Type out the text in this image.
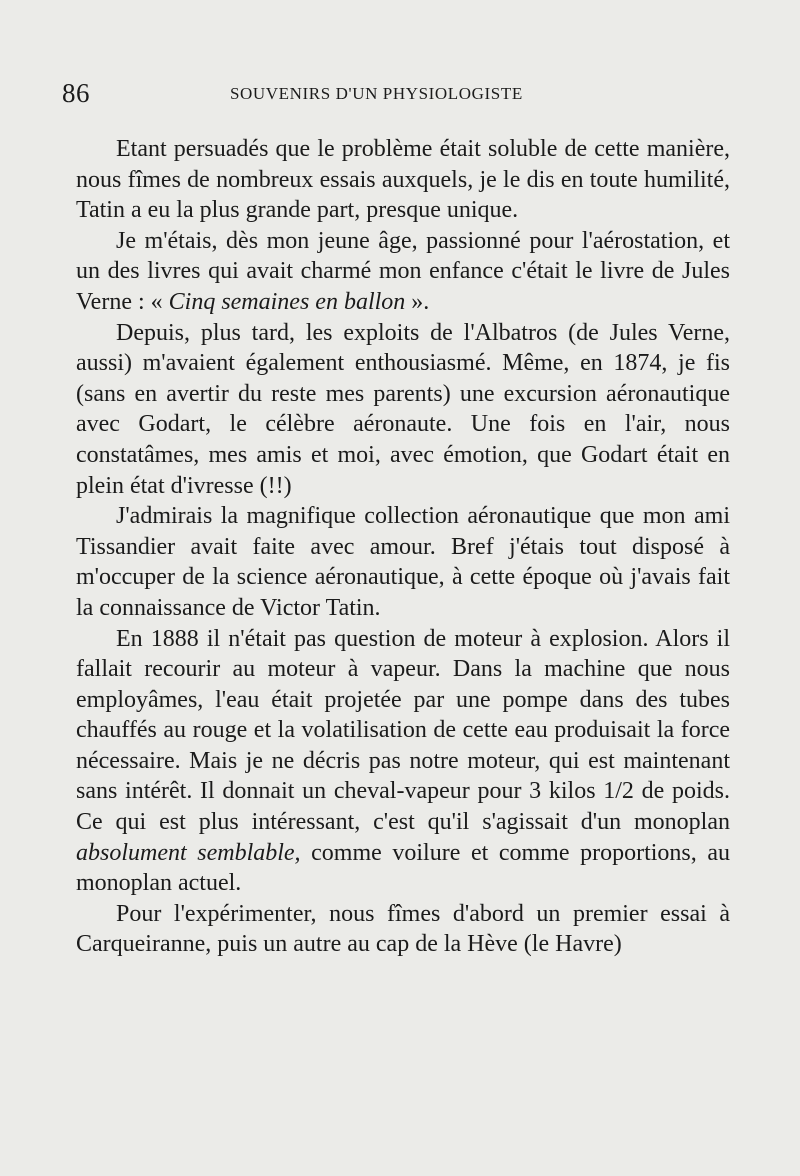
86	SOUVENIRS D'UN PHYSIOLOGISTE

Etant persuadés que le problème était soluble de cette manière, nous fîmes de nombreux essais auxquels, je le dis en toute humilité, Tatin a eu la plus grande part, presque unique.

Je m'étais, dès mon jeune âge, passionné pour l'aérostation, et un des livres qui avait charmé mon enfance c'était le livre de Jules Verne : « Cinq semaines en ballon ».

Depuis, plus tard, les exploits de l'Albatros (de Jules Verne, aussi) m'avaient également enthousiasmé. Même, en 1874, je fis (sans en avertir du reste mes parents) une excursion aéronautique avec Godart, le célèbre aéronaute. Une fois en l'air, nous constatâmes, mes amis et moi, avec émotion, que Godart était en plein état d'ivresse (!!)

J'admirais la magnifique collection aéronautique que mon ami Tissandier avait faite avec amour. Bref j'étais tout disposé à m'occuper de la science aéronautique, à cette époque où j'avais fait la connaissance de Victor Tatin.

En 1888 il n'était pas question de moteur à explosion. Alors il fallait recourir au moteur à vapeur. Dans la machine que nous employâmes, l'eau était projetée par une pompe dans des tubes chauffés au rouge et la volatilisation de cette eau produisait la force nécessaire. Mais je ne décris pas notre moteur, qui est maintenant sans intérêt. Il donnait un cheval-vapeur pour 3 kilos 1/2 de poids. Ce qui est plus intéressant, c'est qu'il s'agissait d'un monoplan absolument semblable, comme voilure et comme proportions, au monoplan actuel.

Pour l'expérimenter, nous fîmes d'abord un premier essai à Carqueiranne, puis un autre au cap de la Hève (le Havre)
